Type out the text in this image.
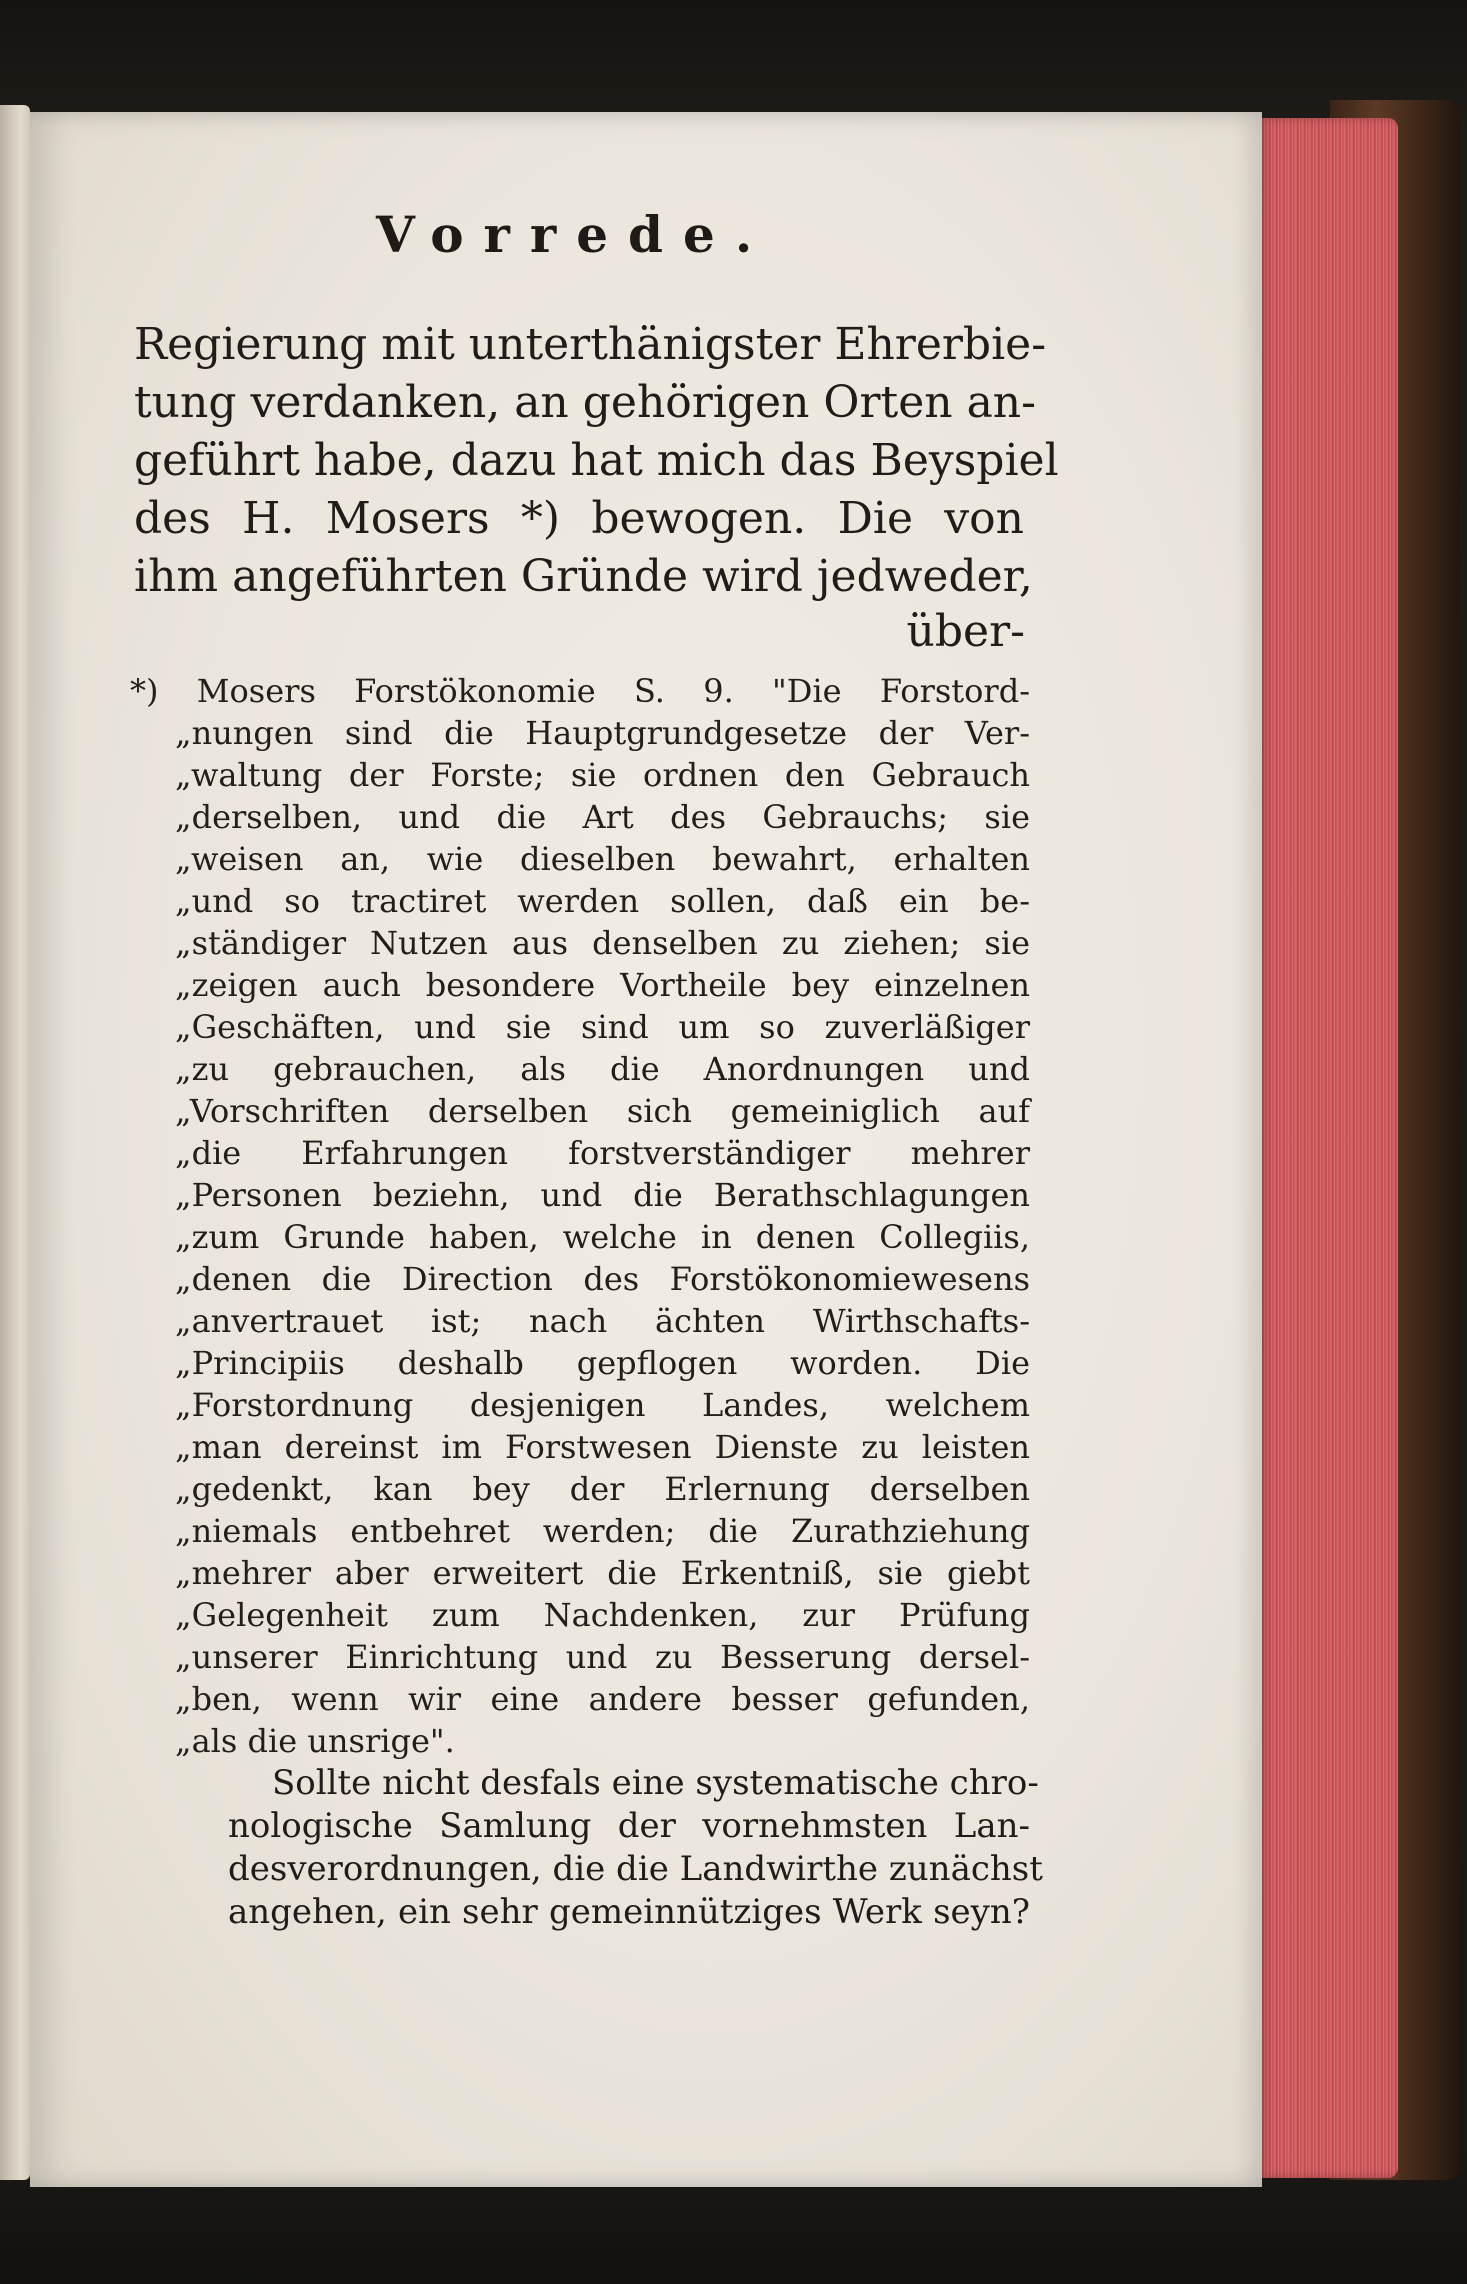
Vorrede.
Regierung mit unterthänigster Ehrerbie-
tung verdanken, an gehörigen Orten an-
geführt habe, dazu hat mich das Beyspiel
des H. Mosers *) bewogen. Die von
ihm angeführten Gründe wird jedweder,
über-
*) Mosers Forstökonomie S. 9. "Die Forstord-
„nungen sind die Hauptgrundgesetze der Ver-
„waltung der Forste; sie ordnen den Gebrauch
„derselben, und die Art des Gebrauchs; sie
„weisen an, wie dieselben bewahrt, erhalten
„und so tractiret werden sollen, daß ein be-
„ständiger Nutzen aus denselben zu ziehen; sie
„zeigen auch besondere Vortheile bey einzelnen
„Geschäften, und sie sind um so zuverläßiger
„zu gebrauchen, als die Anordnungen und
„Vorschriften derselben sich gemeiniglich auf
„die Erfahrungen forstverständiger mehrer
„Personen beziehn, und die Berathschlagungen
„zum Grunde haben, welche in denen Collegiis,
„denen die Direction des Forstökonomiewesens
„anvertrauet ist; nach ächten Wirthschafts-
„Principiis deshalb gepflogen worden. Die
„Forstordnung desjenigen Landes, welchem
„man dereinst im Forstwesen Dienste zu leisten
„gedenkt, kan bey der Erlernung derselben
„niemals entbehret werden; die Zurathziehung
„mehrer aber erweitert die Erkentniß, sie giebt
„Gelegenheit zum Nachdenken, zur Prüfung
„unserer Einrichtung und zu Besserung dersel-
„ben, wenn wir eine andere besser gefunden,
„als die unsrige".
Sollte nicht desfals eine systematische chro-
nologische Samlung der vornehmsten Lan-
desverordnungen, die die Landwirthe zunächst
angehen, ein sehr gemeinnütziges Werk seyn?
